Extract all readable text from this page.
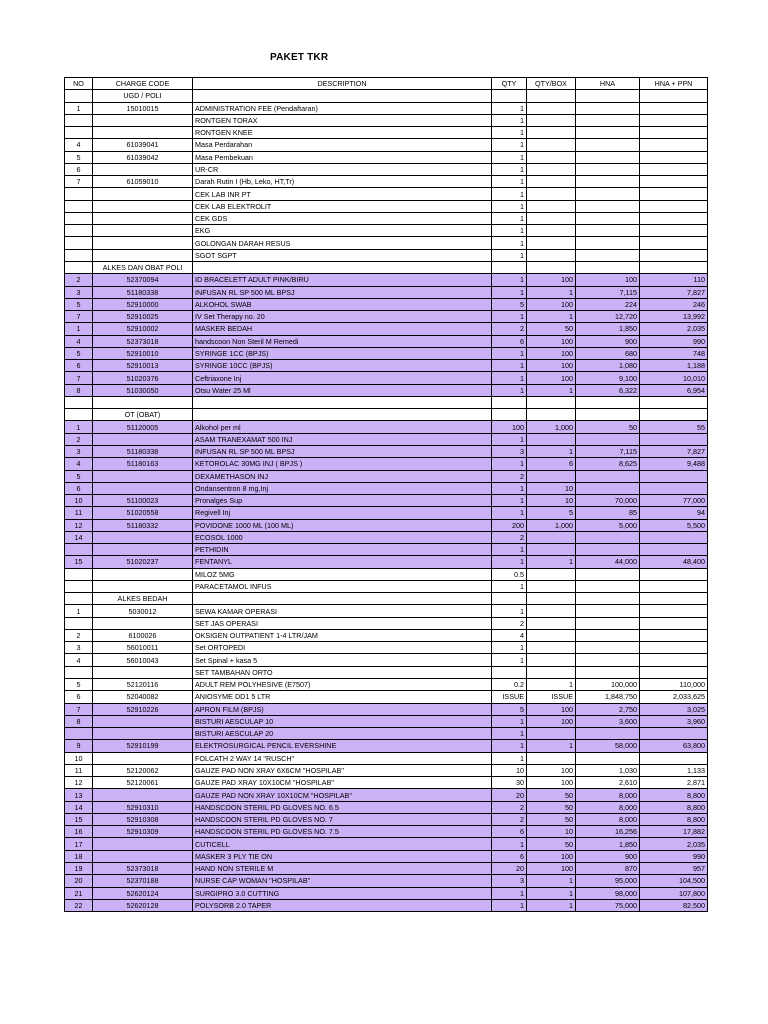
PAKET TKR
NO	CHARGE CODE	DESCRIPTION	QTY	QTY/BOX	HNA	HNA + PPN
	UGD / POLI					
1	15010015	ADMINISTRATION FEE (Pendaftaran)	1			
		RONTGEN TORAX	1			
		RONTGEN KNEE	1			
4	61039041	Masa Perdarahan	1			
5	61039042	Masa Pembekuan	1			
6		UR-CR	1			
7	61059010	Darah Rutin I (Hb, Leko, HT,Tr)	1			
		CEK LAB INR PT	1			
		CEK LAB ELEKTROLIT	1			
		CEK GDS	1			
		EKG	1			
		GOLONGAN DARAH RESUS	1			
		SGOT SGPT	1			
	ALKES DAN OBAT POLI					
2	52370094	ID BRACELETT ADULT PINK/BIRU	1	100	100	110
3	51180338	INFUSAN RL SP 500 ML BPSJ	1	1	7,115	7,827
5	52910000	ALKOHOL SWAB	5	100	224	246
7	52910025	IV Set Therapy no. 20	1	1	12,720	13,992
1	52910002	MASKER BEDAH	2	50	1,850	2,035
4	52373018	handscoon Non Steril M Remedi	6	100	900	990
5	52910010	SYRINGE 1CC (BPJS)	1	100	680	748
6	52910013	SYRINGE 10CC (BPJS)	1	100	1,080	1,188
7	51020376	Ceftriaxone Inj	1	100	9,100	10,010
8	51030050	Otsu Water 25 Ml	1	1	6,322	6,954

	OT (OBAT)					
1	51120005	Alkohol per ml	100	1,000	50	55
2		ASAM TRANEXAMAT 500 INJ	1			
3	51180338	INFUSAN RL SP 500 ML BPSJ	3	1	7,115	7,827
4	51180163	KETOROLAC 30MG INJ ( BPJS )	1	6	8,625	9,488
5		DEXAMETHASON INJ	2			
6		Ondansentron 8 mg,Inj	1	10		
10	51100023	Pronalges Sup	1	10	70,000	77,000
11	51020558	Regivell Inj	1	5	85	94
12	51180332	POVIDONE 1000 ML (100 ML)	200	1,000	5,000	5,500
14		ECOSOL 1000	2			
		PETHIDIN	1			
15	51020237	FENTANYL	1	1	44,000	48,400
		MILOZ 5MG	0.5			
		PARACETAMOL INFUS	1			
	ALKES BEDAH					
1	5030012	SEWA KAMAR OPERASI	1			
		SET JAS OPERASI	2			
2	6100026	OKSIGEN OUTPATIENT 1-4 LTR/JAM	4			
3	56010011	Set ORTOPEDI	1			
4	56010043	Set Spinal + kasa 5	1			
		SET TAMBAHAN ORTO				
5	52120116	ADULT REM POLYHESIVE (E7507)	0.2	1	100,000	110,000
6	52040082	ANIOSYME DD1 5 LTR	ISSUE	ISSUE	1,848,750	2,033,625
7	52910226	APRON FILM (BPJS)	5	100	2,750	3,025
8		BISTURI AESCULAP 10	1	100	3,600	3,960
		BISTURI AESCULAP 20	1			
9	52910199	ELEKTROSURGICAL PENCIL EVERSHINE	1	1	58,000	63,800
10		FOLCATH 2 WAY 14 "RUSCH"	1			
11	52120062	GAUZE PAD NON XRAY 6X6CM "HOSPILAB"	10	100	1,030	1,133
12	52120061	GAUZE PAD XRAY 10X10CM "HOSPILAB"	30	100	2,610	2,871
13		GAUZE PAD NON XRAY 10X10CM "HOSPILAB"	20	50	8,000	8,800
14	52910310	HANDSCOON STERIL PD GLOVES NO. 6.5	2	50	8,000	8,800
15	52910308	HANDSCOON STERIL PD GLOVES NO. 7	2	50	8,000	8,800
16	52910309	HANDSCOON STERIL PD GLOVES NO. 7.5	6	10	16,256	17,882
17		CUTICELL	1	50	1,850	2,035
18		MASKER 3 PLY TIE ON	6	100	900	990
19	52373018	HAND NON STERILE M	20	100	870	957
20	52370188	NURSE CAP WOMAN "HOSPILAB"	3	1	95,000	104,500
21	52620124	SURGIPRO 3.0 CUTTING	1	1	98,000	107,800
22	52620128	POLYSORB 2.0 TAPER	1	1	75,000	82,500
